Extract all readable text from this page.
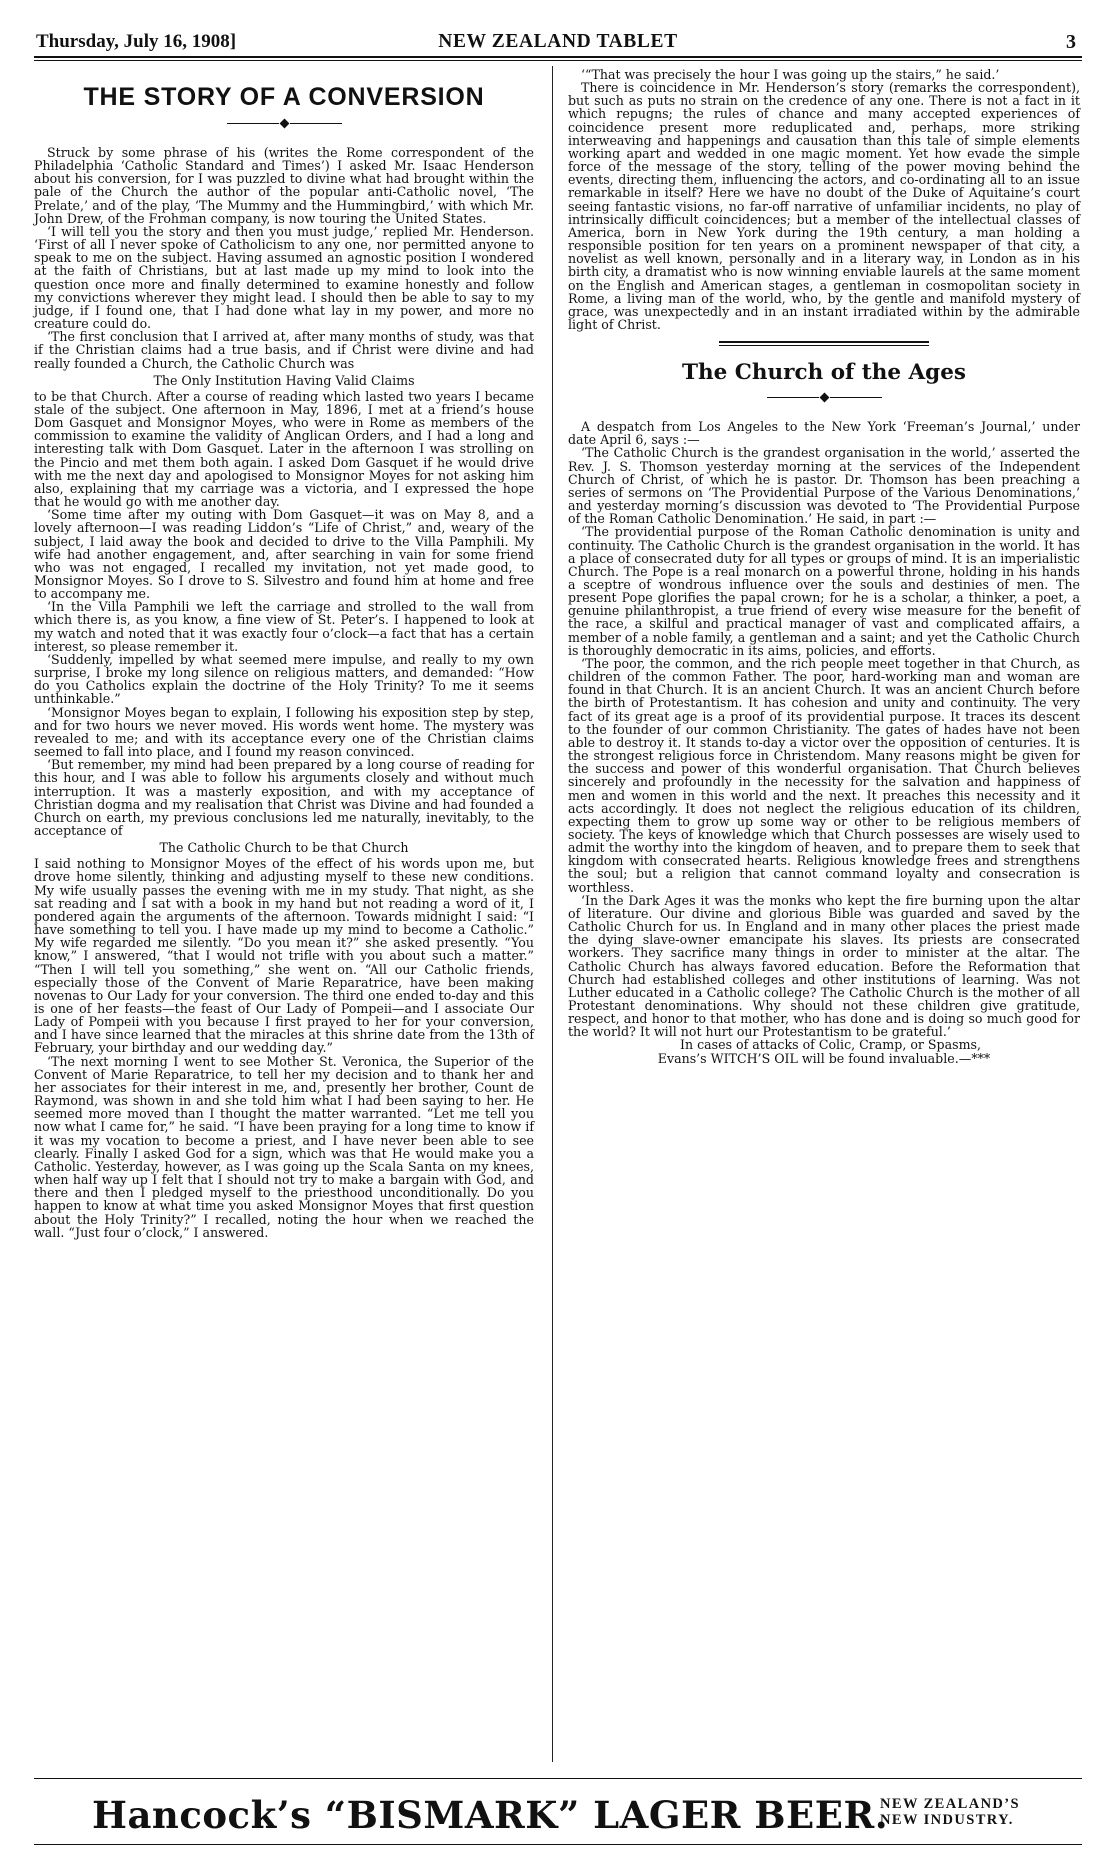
Thursday, July 16, 1908]	NEW ZEALAND TABLET	3
THE STORY OF A CONVERSION

Struck by some phrase of his (writes the Rome correspondent of the Philadelphia ‘Catholic Standard and Times’) I asked Mr. Isaac Henderson about his conversion, for I was puzzled to divine what had brought within the pale of the Church the author of the popular anti-Catholic novel, ‘The Prelate,’ and of the play, ‘The Mummy and the Hummingbird,’ with which Mr. John Drew, of the Frohman company, is now touring the United States.

‘I will tell you the story and then you must judge,’ replied Mr. Henderson. ‘First of all I never spoke of Catholicism to any one, nor permitted anyone to speak to me on the subject. Having assumed an agnostic position I wondered at the faith of Christians, but at last made up my mind to look into the question once more and finally determined to examine honestly and follow my convictions wherever they might lead. I should then be able to say to my judge, if I found one, that I had done what lay in my power, and more no creature could do.

‘The first conclusion that I arrived at, after many months of study, was that if the Christian claims had a true basis, and if Christ were divine and had really founded a Church, the Catholic Church was

The Only Institution Having Valid Claims

to be that Church. After a course of reading which lasted two years I became stale of the subject. One afternoon in May, 1896, I met at a friend’s house Dom Gasquet and Monsignor Moyes, who were in Rome as members of the commission to examine the validity of Anglican Orders, and I had a long and interesting talk with Dom Gasquet. Later in the afternoon I was strolling on the Pincio and met them both again. I asked Dom Gasquet if he would drive with me the next day and apologised to Monsignor Moyes for not asking him also, explaining that my carriage was a victoria, and I expressed the hope that he would go with me another day.

‘Some time after my outing with Dom Gasquet—it was on May 8, and a lovely afternoon—I was reading Liddon’s “Life of Christ,” and, weary of the subject, I laid away the book and decided to drive to the Villa Pamphili. My wife had another engagement, and, after searching in vain for some friend who was not engaged, I recalled my invitation, not yet made good, to Monsignor Moyes. So I drove to S. Silvestro and found him at home and free to accompany me.

‘In the Villa Pamphili we left the carriage and strolled to the wall from which there is, as you know, a fine view of St. Peter’s. I happened to look at my watch and noted that it was exactly four o’clock—a fact that has a certain interest, so please remember it.

‘Suddenly, impelled by what seemed mere impulse, and really to my own surprise, I broke my long silence on religious matters, and demanded: “How do you Catholics explain the doctrine of the Holy Trinity? To me it seems unthinkable.”

‘Monsignor Moyes began to explain, I following his exposition step by step, and for two hours we never moved. His words went home. The mystery was revealed to me; and with its acceptance every one of the Christian claims seemed to fall into place, and I found my reason convinced.

‘But remember, my mind had been prepared by a long course of reading for this hour, and I was able to follow his arguments closely and without much interruption. It was a masterly exposition, and with my acceptance of Christian dogma and my realisation that Christ was Divine and had founded a Church on earth, my previous conclusions led me naturally, inevitably, to the acceptance of

The Catholic Church to be that Church

I said nothing to Monsignor Moyes of the effect of his words upon me, but drove home silently, thinking and adjusting myself to these new conditions. My wife usually passes the evening with me in my study. That night, as she sat reading and I sat with a book in my hand but not reading a word of it, I pondered again the arguments of the afternoon. Towards midnight I said: “I have something to tell you. I have made up my mind to become a Catholic.” My wife regarded me silently. “Do you mean it?” she asked presently. “You know,” I answered, “that I would not trifle with you about such a matter.” “Then I will tell you something,” she went on. “All our Catholic friends, especially those of the Convent of Marie Reparatrice, have been making novenas to Our Lady for your conversion. The third one ended to-day and this is one of her feasts—the feast of Our Lady of Pompeii—and I associate Our Lady of Pompeii with you because I first prayed to her for your conversion, and I have since learned that the miracles at this shrine date from the 13th of February, your birthday and our wedding day.”

‘The next morning I went to see Mother St. Veronica, the Superior of the Convent of Marie Reparatrice, to tell her my decision and to thank her and her associates for their interest in me, and, presently her brother, Count de Raymond, was shown in and she told him what I had been saying to her. He seemed more moved than I thought the matter warranted. “Let me tell you now what I came for,” he said. “I have been praying for a long time to know if it was my vocation to become a priest, and I have never been able to see clearly. Finally I asked God for a sign, which was that He would make you a Catholic. Yesterday, however, as I was going up the Scala Santa on my knees, when half way up I felt that I should not try to make a bargain with God, and there and then I pledged myself to the priesthood unconditionally. Do you happen to know at what time you asked Monsignor Moyes that first question about the Holy Trinity?” I recalled, noting the hour when we reached the wall. “Just four o’clock,” I answered.

‘“That was precisely the hour I was going up the stairs,” he said.’

There is coincidence in Mr. Henderson’s story (remarks the correspondent), but such as puts no strain on the credence of any one. There is not a fact in it which repugns; the rules of chance and many accepted experiences of coincidence present more reduplicated and, perhaps, more striking interweaving and happenings and causation than this tale of simple elements working apart and wedded in one magic moment. Yet how evade the simple force of the message of the story, telling of the power moving behind the events, directing them, influencing the actors, and co-ordinating all to an issue remarkable in itself? Here we have no doubt of the Duke of Aquitaine’s court seeing fantastic visions, no far-off narrative of unfamiliar incidents, no play of intrinsically difficult coincidences; but a member of the intellectual classes of America, born in New York during the 19th century, a man holding a responsible position for ten years on a prominent newspaper of that city, a novelist as well known, personally and in a literary way, in London as in his birth city, a dramatist who is now winning enviable laurels at the same moment on the English and American stages, a gentleman in cosmopolitan society in Rome, a living man of the world, who, by the gentle and manifold mystery of grace, was unexpectedly and in an instant irradiated within by the admirable light of Christ.

The Church of the Ages

A despatch from Los Angeles to the New York ‘Freeman’s Journal,’ under date April 6, says :—

‘The Catholic Church is the grandest organisation in the world,’ asserted the Rev. J. S. Thomson yesterday morning at the services of the Independent Church of Christ, of which he is pastor. Dr. Thomson has been preaching a series of sermons on ‘The Providential Purpose of the Various Denominations,’ and yesterday morning’s discussion was devoted to ‘The Providential Purpose of the Roman Catholic Denomination.’ He said, in part :—

‘The providential purpose of the Roman Catholic denomination is unity and continuity. The Catholic Church is the grandest organisation in the world. It has a place of consecrated duty for all types or groups of mind. It is an imperialistic Church. The Pope is a real monarch on a powerful throne, holding in his hands a sceptre of wondrous influence over the souls and destinies of men. The present Pope glorifies the papal crown; for he is a scholar, a thinker, a poet, a genuine philanthropist, a true friend of every wise measure for the benefit of the race, a skilful and practical manager of vast and complicated affairs, a member of a noble family, a gentleman and a saint; and yet the Catholic Church is thoroughly democratic in its aims, policies, and efforts.

‘The poor, the common, and the rich people meet together in that Church, as children of the common Father. The poor, hard-working man and woman are found in that Church. It is an ancient Church. It was an ancient Church before the birth of Protestantism. It has cohesion and unity and continuity. The very fact of its great age is a proof of its providential purpose. It traces its descent to the founder of our common Christianity. The gates of hades have not been able to destroy it. It stands to-day a victor over the opposition of centuries. It is the strongest religious force in Christendom. Many reasons might be given for the success and power of this wonderful organisation. That Church believes sincerely and profoundly in the necessity for the salvation and happiness of men and women in this world and the next. It preaches this necessity and it acts accordingly. It does not neglect the religious education of its children, expecting them to grow up some way or other to be religious members of society. The keys of knowledge which that Church possesses are wisely used to admit the worthy into the kingdom of heaven, and to prepare them to seek that kingdom with consecrated hearts. Religious knowledge frees and strengthens the soul; but a religion that cannot command loyalty and consecration is worthless.

‘In the Dark Ages it was the monks who kept the fire burning upon the altar of literature. Our divine and glorious Bible was guarded and saved by the Catholic Church for us. In England and in many other places the priest made the dying slave-owner emancipate his slaves. Its priests are consecrated workers. They sacrifice many things in order to minister at the altar. The Catholic Church has always favored education. Before the Reformation that Church had established colleges and other institutions of learning. Was not Luther educated in a Catholic college? The Catholic Church is the mother of all Protestant denominations. Why should not these children give gratitude, respect, and honor to that mother, who has done and is doing so much good for the world? It will not hurt our Protestantism to be grateful.’

In cases of attacks of Colic, Cramp, or Spasms,
Evans’s WITCH’S OIL will be found invaluable.—***

Hancock’s “BISMARK” LAGER BEER.
NEW ZEALAND’S
NEW INDUSTRY.
